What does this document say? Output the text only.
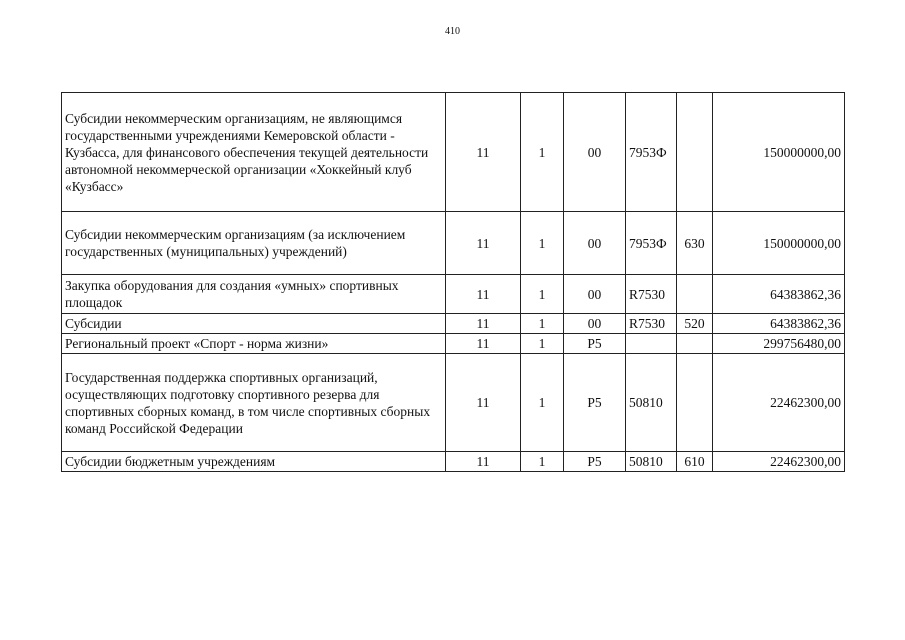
410
Субсидии некоммерческим организациям, не являющимся государственными учреждениями Кемеровской области - Кузбасса, для финансового обеспечения текущей деятельности автономной некоммерческой организации «Хоккейный клуб «Кузбасс»	11	1	00	7953Ф		150000000,00
Субсидии некоммерческим организациям (за исключением государственных (муниципальных) учреждений)	11	1	00	7953Ф	630	150000000,00
Закупка оборудования для создания «умных» спортивных площадок	11	1	00	R7530		64383862,36
Субсидии	11	1	00	R7530	520	64383862,36
Региональный проект «Спорт - норма жизни»	11	1	P5			299756480,00
Государственная поддержка спортивных организаций, осуществляющих подготовку спортивного резерва для спортивных сборных команд, в том числе спортивных сборных команд Российской Федерации	11	1	P5	50810		22462300,00
Субсидии бюджетным учреждениям	11	1	P5	50810	610	22462300,00
